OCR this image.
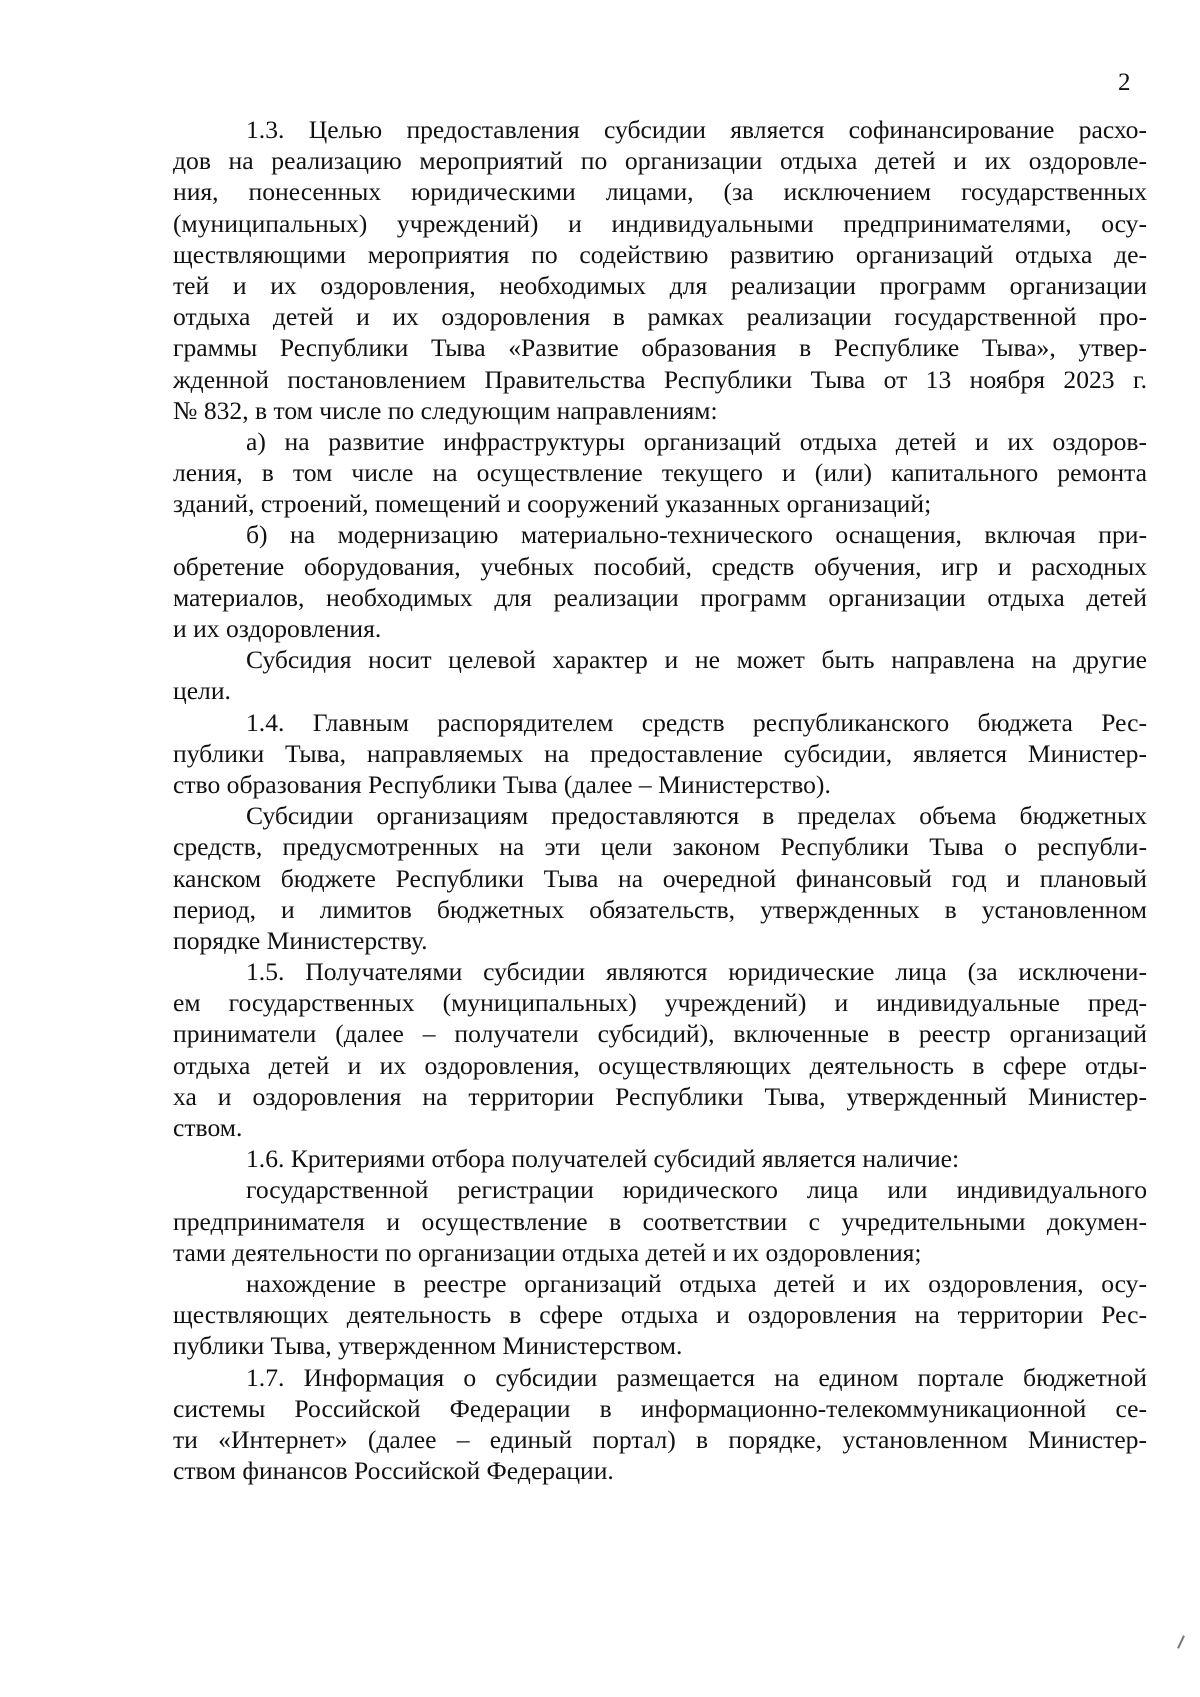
2
1.3. Целью предоставления субсидии является софинансирование расхо-
дов на реализацию мероприятий по организации отдыха детей и их оздоровле-
ния, понесенных юридическими лицами, (за исключением государственных
(муниципальных) учреждений) и индивидуальными предпринимателями, осу-
ществляющими мероприятия по содействию развитию организаций отдыха де-
тей и их оздоровления, необходимых для реализации программ организации
отдыха детей и их оздоровления в рамках реализации государственной про-
граммы Республики Тыва «Развитие образования в Республике Тыва», утвер-
жденной постановлением Правительства Республики Тыва от 13 ноября 2023 г.
№ 832, в том числе по следующим направлениям:
а) на развитие инфраструктуры организаций отдыха детей и их оздоров-
ления, в том числе на осуществление текущего и (или) капитального ремонта
зданий, строений, помещений и сооружений указанных организаций;
б) на модернизацию материально-технического оснащения, включая при-
обретение оборудования, учебных пособий, средств обучения, игр и расходных
материалов, необходимых для реализации программ организации отдыха детей
и их оздоровления.
Субсидия носит целевой характер и не может быть направлена на другие
цели.
1.4. Главным распорядителем средств республиканского бюджета Рес-
публики Тыва, направляемых на предоставление субсидии, является Министер-
ство образования Республики Тыва (далее – Министерство).
Субсидии организациям предоставляются в пределах объема бюджетных
средств, предусмотренных на эти цели законом Республики Тыва о республи-
канском бюджете Республики Тыва на очередной финансовый год и плановый
период, и лимитов бюджетных обязательств, утвержденных в установленном
порядке Министерству.
1.5. Получателями субсидии являются юридические лица (за исключени-
ем государственных (муниципальных) учреждений) и индивидуальные пред-
приниматели (далее – получатели субсидий), включенные в реестр организаций
отдыха детей и их оздоровления, осуществляющих деятельность в сфере отды-
ха и оздоровления на территории Республики Тыва, утвержденный Министер-
ством.
1.6. Критериями отбора получателей субсидий является наличие:
государственной регистрации юридического лица или индивидуального
предпринимателя и осуществление в соответствии с учредительными докумен-
тами деятельности по организации отдыха детей и их оздоровления;
нахождение в реестре организаций отдыха детей и их оздоровления, осу-
ществляющих деятельность в сфере отдыха и оздоровления на территории Рес-
публики Тыва, утвержденном Министерством.
1.7. Информация о субсидии размещается на едином портале бюджетной
системы Российской Федерации в информационно-телекоммуникационной се-
ти «Интернет» (далее – единый портал) в порядке, установленном Министер-
ством финансов Российской Федерации.
